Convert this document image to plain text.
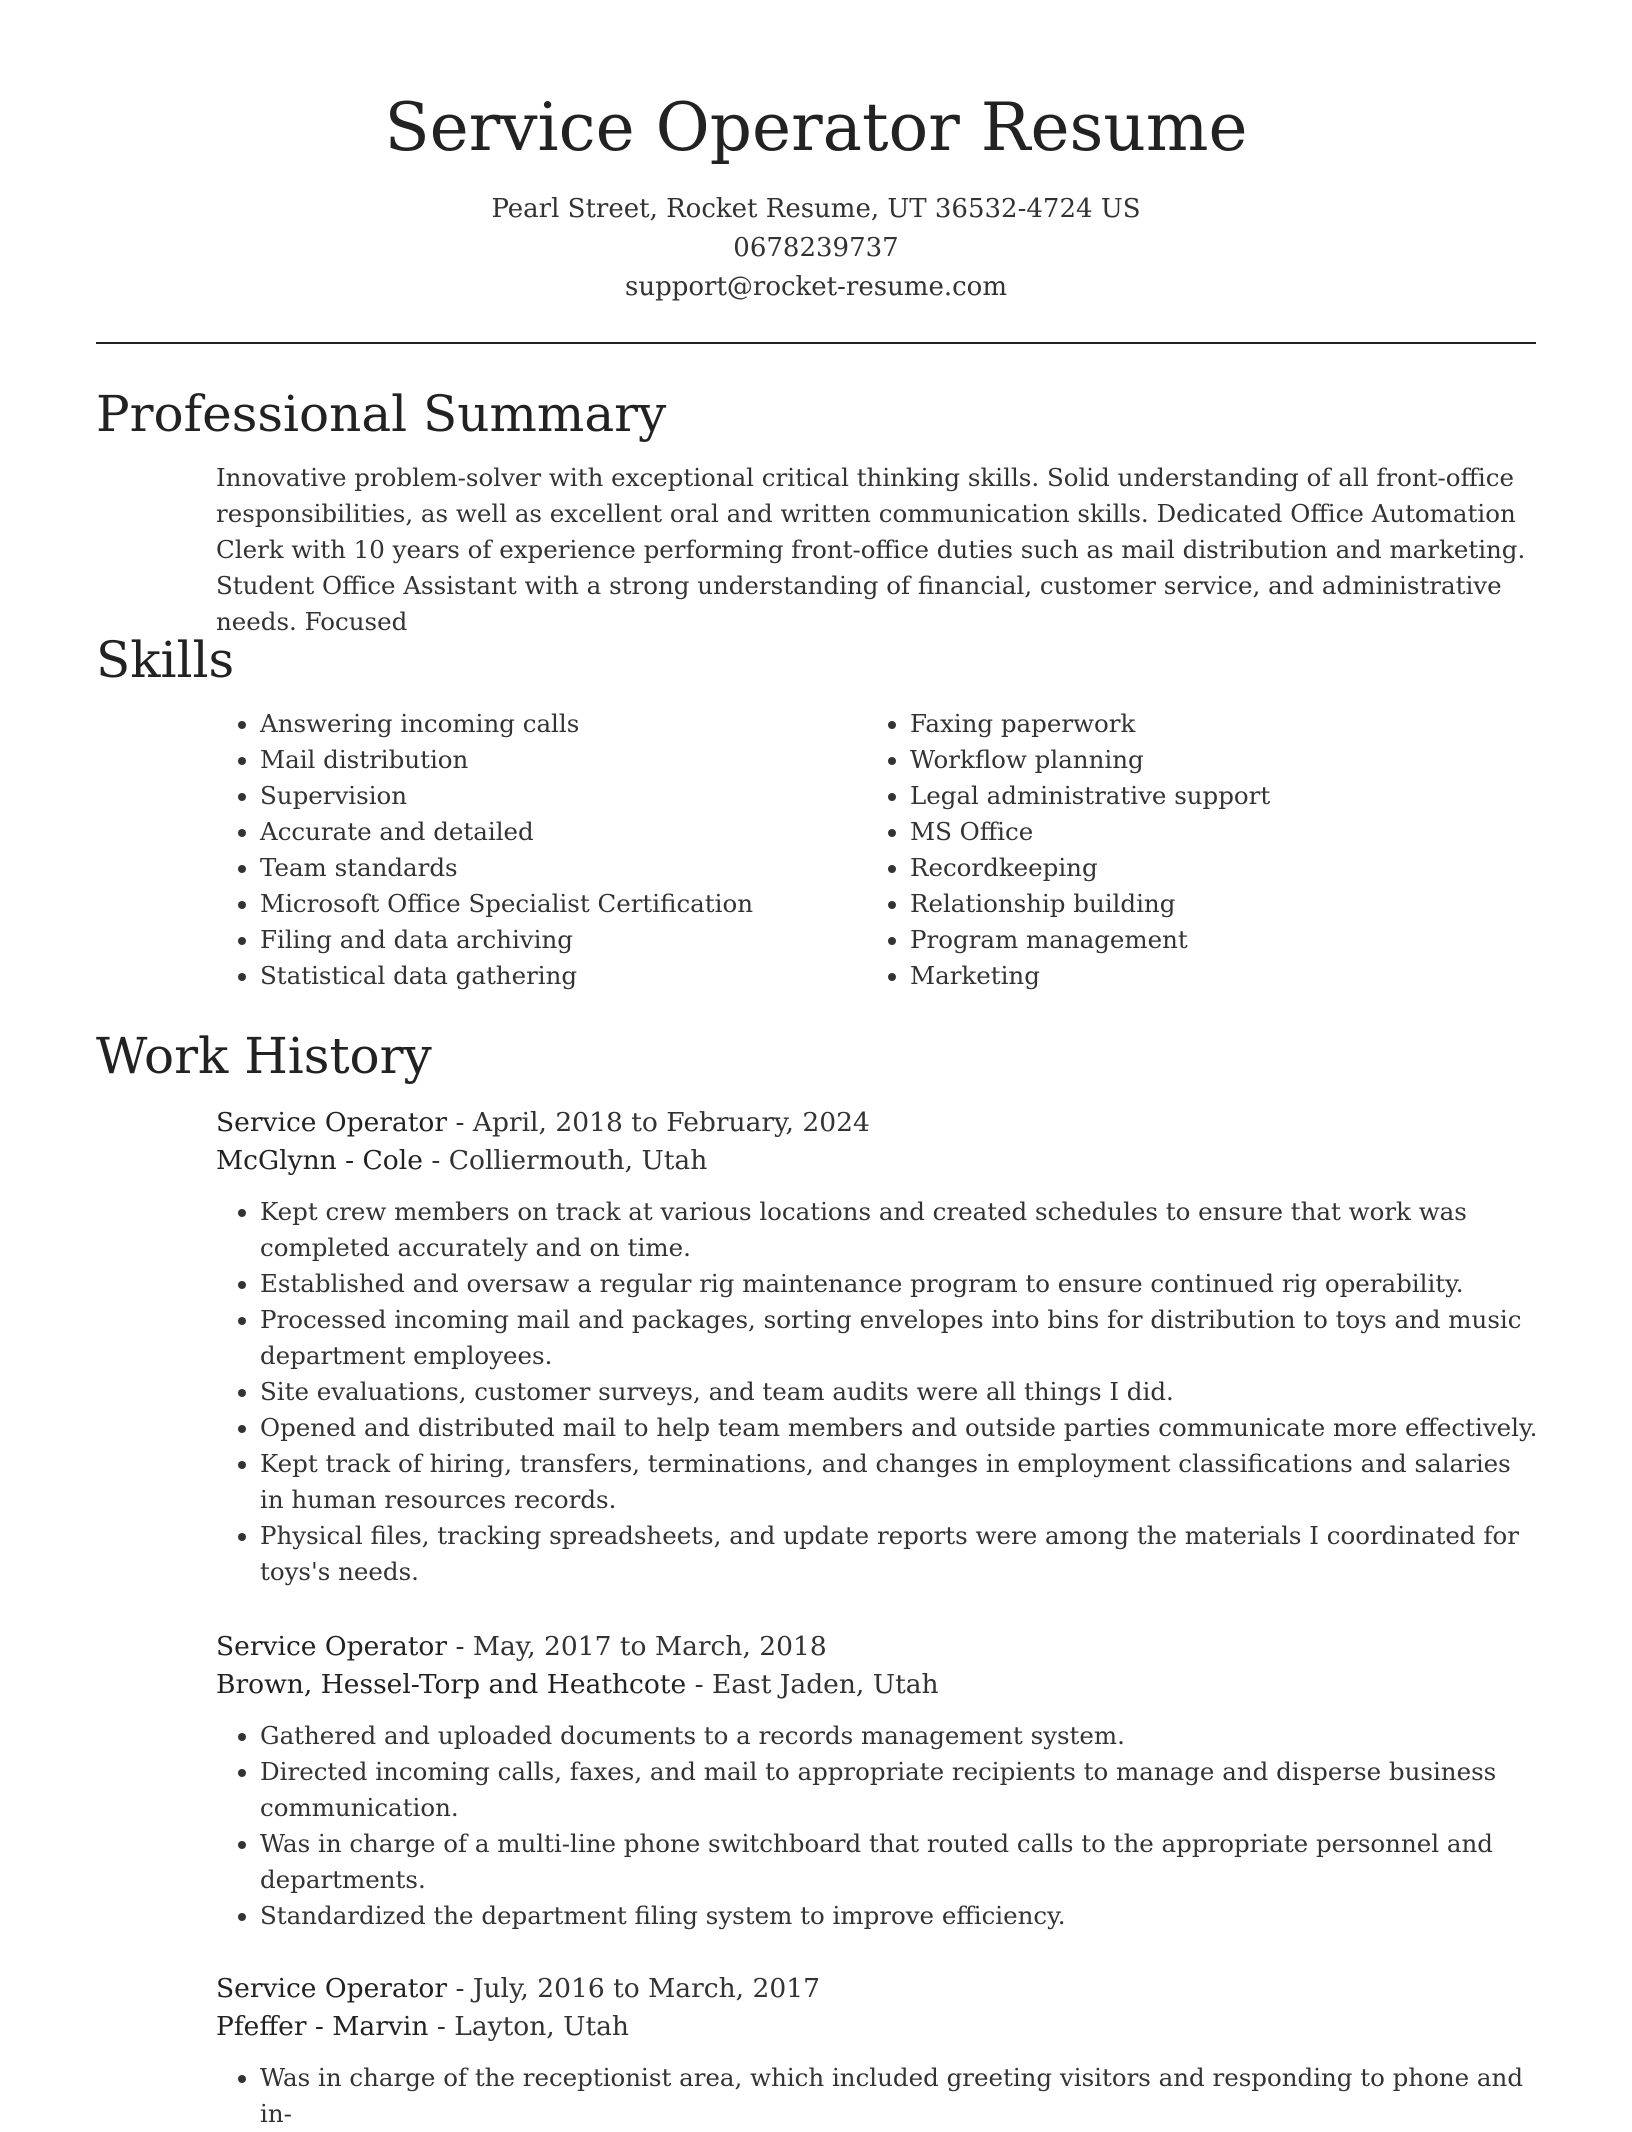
Service Operator Resume
Pearl Street, Rocket Resume, UT 36532-4724 US
0678239737
support@rocket-resume.com
Professional Summary
Innovative problem-solver with exceptional critical thinking skills. Solid understanding of all front-office responsibilities, as well as excellent oral and written communication skills. Dedicated Office Automation Clerk with 10 years of experience performing front-office duties such as mail distribution and marketing. Student Office Assistant with a strong understanding of financial, customer service, and administrative needs. Focused
Skills
• Answering incoming calls
• Mail distribution
• Supervision
• Accurate and detailed
• Team standards
• Microsoft Office Specialist Certification
• Filing and data archiving
• Statistical data gathering
• Faxing paperwork
• Workflow planning
• Legal administrative support
• MS Office
• Recordkeeping
• Relationship building
• Program management
• Marketing
Work History
Service Operator - April, 2018 to February, 2024
McGlynn - Cole - Colliermouth, Utah
• Kept crew members on track at various locations and created schedules to ensure that work was completed accurately and on time.
• Established and oversaw a regular rig maintenance program to ensure continued rig operability.
• Processed incoming mail and packages, sorting envelopes into bins for distribution to toys and music department employees.
• Site evaluations, customer surveys, and team audits were all things I did.
• Opened and distributed mail to help team members and outside parties communicate more effectively.
• Kept track of hiring, transfers, terminations, and changes in employment classifications and salaries in human resources records.
• Physical files, tracking spreadsheets, and update reports were among the materials I coordinated for toys's needs.
Service Operator - May, 2017 to March, 2018
Brown, Hessel-Torp and Heathcote - East Jaden, Utah
• Gathered and uploaded documents to a records management system.
• Directed incoming calls, faxes, and mail to appropriate recipients to manage and disperse business communication.
• Was in charge of a multi-line phone switchboard that routed calls to the appropriate personnel and departments.
• Standardized the department filing system to improve efficiency.
Service Operator - July, 2016 to March, 2017
Pfeffer - Marvin - Layton, Utah
• Was in charge of the receptionist area, which included greeting visitors and responding to phone and in-
